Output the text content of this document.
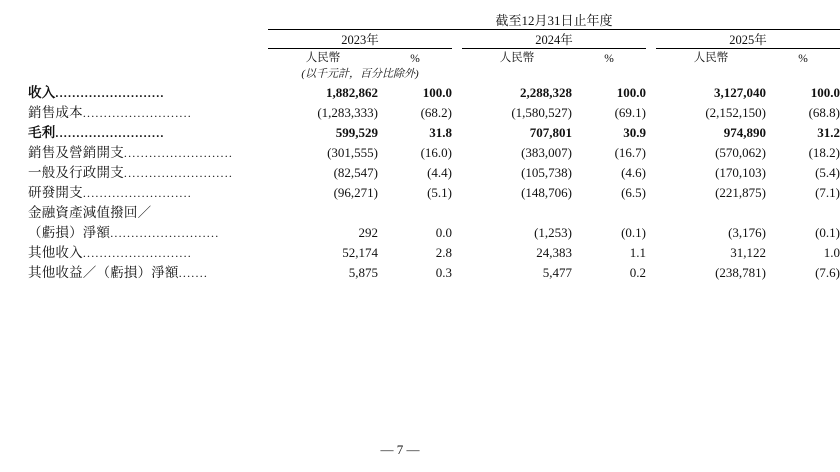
	截至12月31日止年度							
	2023年			2024年			2025年	
	人民幣	%		人民幣	%		人民幣	%
	(以千元計，百分比除外)							
收入..........................	1,882,862	100.0		2,288,328	100.0		3,127,040	100.0
銷售成本..........................	(1,283,333)	(68.2)		(1,580,527)	(69.1)		(2,152,150)	(68.8)
毛利..........................	599,529	31.8		707,801	30.9		974,890	31.2
銷售及營銷開支..........................	(301,555)	(16.0)		(383,007)	(16.7)		(570,062)	(18.2)
一般及行政開支..........................	(82,547)	(4.4)		(105,738)	(4.6)		(170,103)	(5.4)
研發開支..........................	(96,271)	(5.1)		(148,706)	(6.5)		(221,875)	(7.1)
金融資產減值撥回／								
（虧損）淨額..........................	292	0.0		(1,253)	(0.1)		(3,176)	(0.1)
其他收入..........................	52,174	2.8		24,383	1.1		31,122	1.0
其他收益／（虧損）淨額.......	5,875	0.3		5,477	0.2		(238,781)	(7.6)
— 7 —
